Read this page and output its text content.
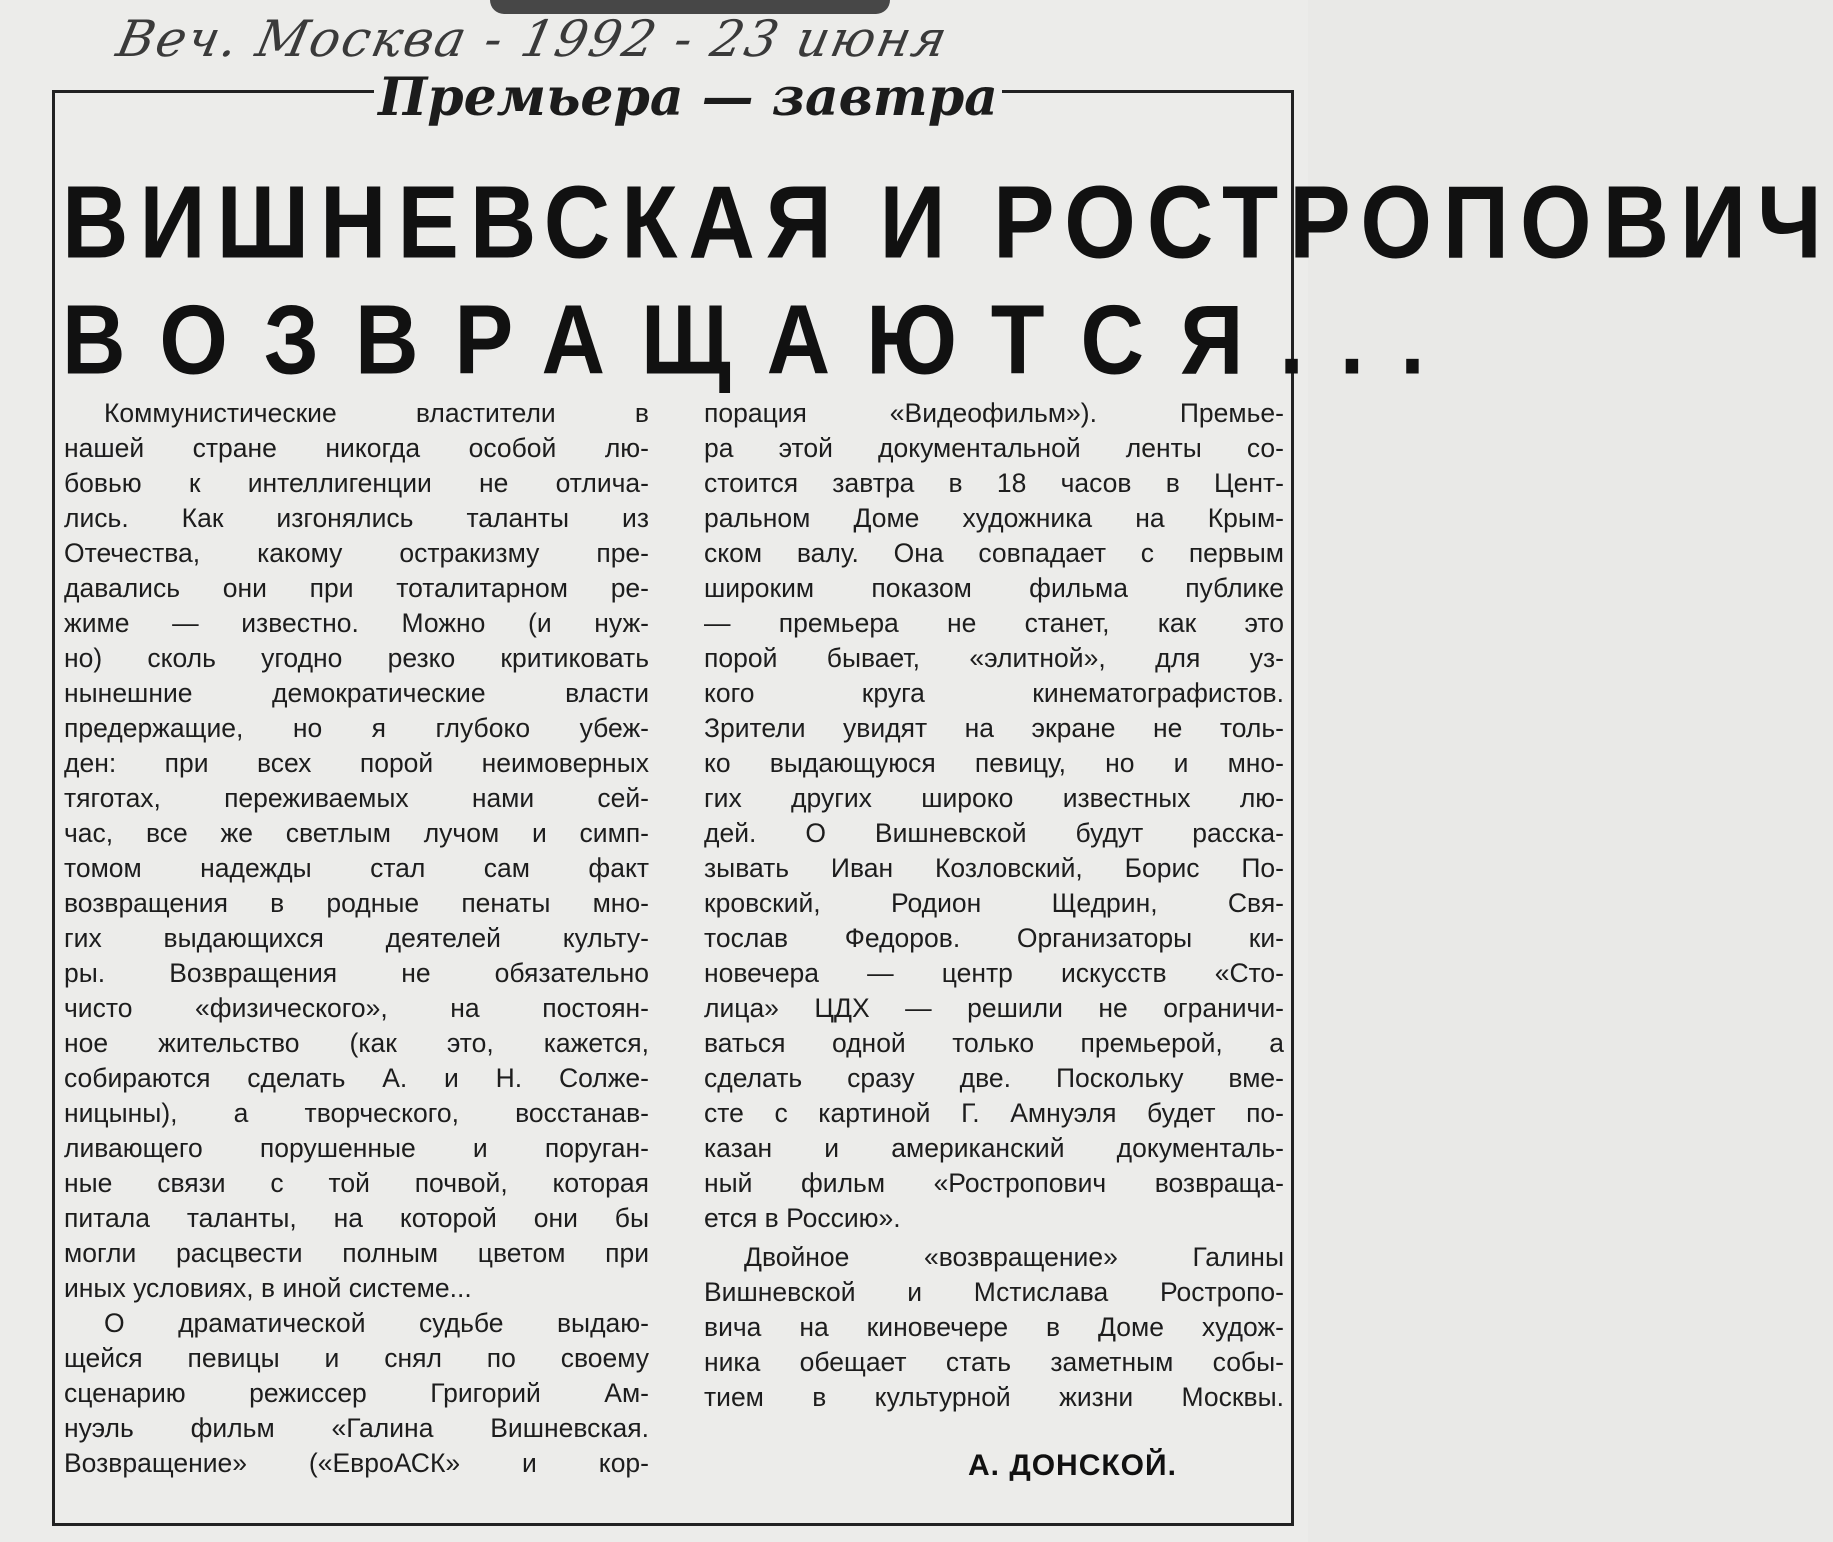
Веч. Москва - 1992 - 23 июня
Премьера — завтра
ВИШНЕВСКАЯ И РОСТРОПОВИЧ
ВОЗВРАЩАЮТСЯ...
Коммунистические властители в
нашей стране никогда особой лю-
бовью к интеллигенции не отлича-
лись. Как изгонялись таланты из
Отечества, какому остракизму пре-
давались они при тоталитарном ре-
жиме — известно. Можно (и нуж-
но) сколь угодно резко критиковать
нынешние демократические власти
предержащие, но я глубоко убеж-
ден: при всех порой неимоверных
тяготах, переживаемых нами сей-
час, все же светлым лучом и симп-
томом надежды стал сам факт
возвращения в родные пенаты мно-
гих выдающихся деятелей культу-
ры. Возвращения не обязательно
чисто «физического», на постоян-
ное жительство (как это, кажется,
собираются сделать А. и Н. Солже-
ницыны), а творческого, восстанав-
ливающего порушенные и поруган-
ные связи с той почвой, которая
питала таланты, на которой они бы
могли расцвести полным цветом при
иных условиях, в иной системе...
О драматической судьбе выдаю-
щейся певицы и снял по своему
сценарию режиссер Григорий Ам-
нуэль фильм «Галина Вишневская.
Возвращение» («ЕвроАСК» и кор-
порация «Видеофильм»). Премье-
ра этой документальной ленты со-
стоится завтра в 18 часов в Цент-
ральном Доме художника на Крым-
ском валу. Она совпадает с первым
широким показом фильма публике
— премьера не станет, как это
порой бывает, «элитной», для уз-
кого круга кинематографистов.
Зрители увидят на экране не толь-
ко выдающуюся певицу, но и мно-
гих других широко известных лю-
дей. О Вишневской будут расска-
зывать Иван Козловский, Борис По-
кровский, Родион Щедрин, Свя-
тослав Федоров. Организаторы ки-
новечера — центр искусств «Сто-
лица» ЦДХ — решили не ограничи-
ваться одной только премьерой, а
сделать сразу две. Поскольку вме-
сте с картиной Г. Амнуэля будет по-
казан и американский документаль-
ный фильм «Ростропович возвраща-
ется в Россию».
Двойное «возвращение» Галины
Вишневской и Мстислава Ростропо-
вича на киновечере в Доме худож-
ника обещает стать заметным собы-
тием в культурной жизни Москвы.
А. ДОНСКОЙ.
